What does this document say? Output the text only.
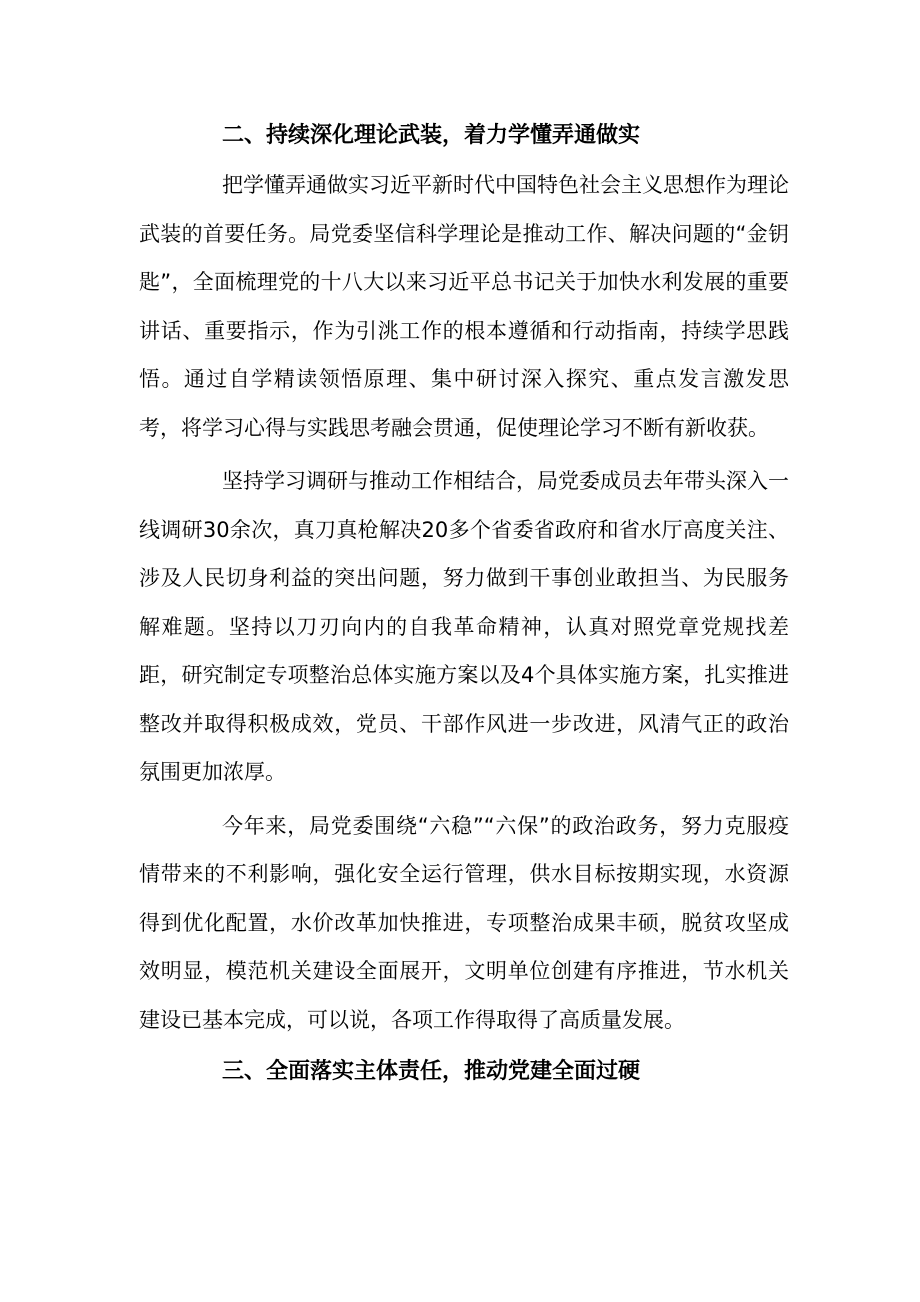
二、持续深化理论武装，着力学懂弄通做实

把学懂弄通做实习近平新时代中国特色社会主义思想作为理论武装的首要任务。局党委坚信科学理论是推动工作、解决问题的“金钥匙”，全面梳理党的十八大以来习近平总书记关于加快水利发展的重要讲话、重要指示，作为引洮工作的根本遵循和行动指南，持续学思践悟。通过自学精读领悟原理、集中研讨深入探究、重点发言激发思考，将学习心得与实践思考融会贯通，促使理论学习不断有新收获。

坚持学习调研与推动工作相结合，局党委成员去年带头深入一线调研30余次，真刀真枪解决20多个省委省政府和省水厅高度关注、涉及人民切身利益的突出问题，努力做到干事创业敢担当、为民服务解难题。坚持以刀刃向内的自我革命精神，认真对照党章党规找差距，研究制定专项整治总体实施方案以及4个具体实施方案，扎实推进整改并取得积极成效，党员、干部作风进一步改进，风清气正的政治氛围更加浓厚。

今年来，局党委围绕“六稳”“六保”的政治政务，努力克服疫情带来的不利影响，强化安全运行管理，供水目标按期实现，水资源得到优化配置，水价改革加快推进，专项整治成果丰硕，脱贫攻坚成效明显，模范机关建设全面展开，文明单位创建有序推进，节水机关建设已基本完成，可以说，各项工作得取得了高质量发展。

三、全面落实主体责任，推动党建全面过硬
